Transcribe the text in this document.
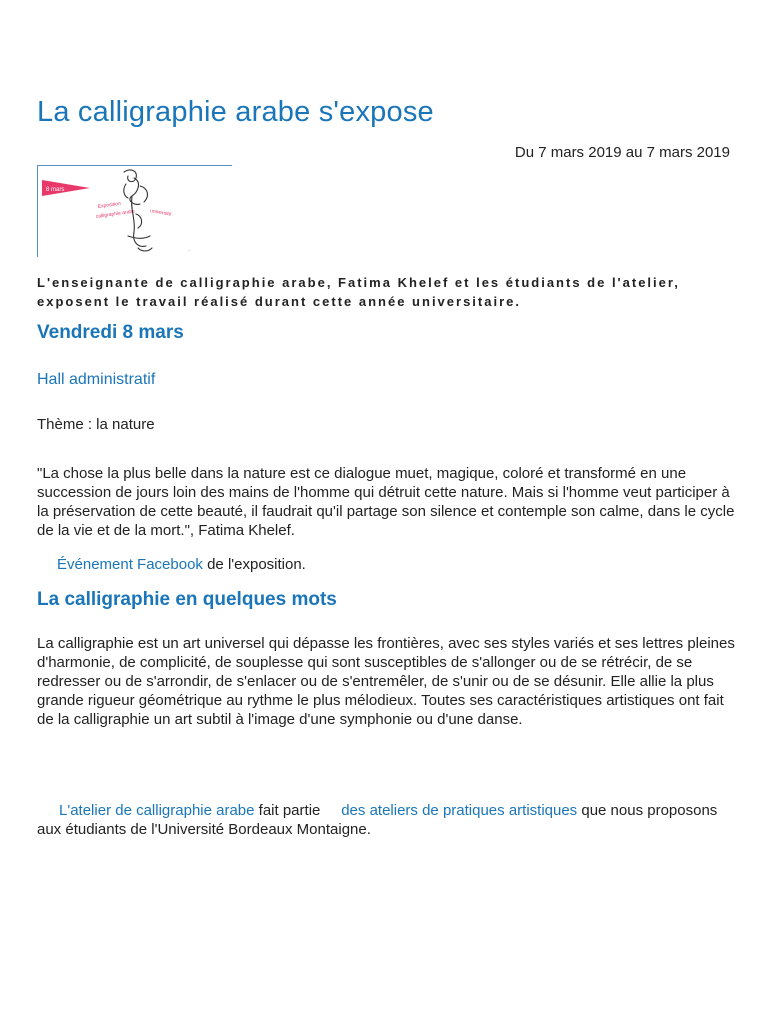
La calligraphie arabe s'expose

Du 7 mars 2019 au 7 mars 2019

8 mars
Exposition
calligraphie arabe	université
~

L'enseignante de calligraphie arabe, Fatima Khelef et les étudiants de l'atelier, exposent le travail réalisé durant cette année universitaire.

Vendredi 8 mars
Hall administratif

Thème : la nature

"La chose la plus belle dans la nature est ce dialogue muet, magique, coloré et transformé en une succession de jours loin des mains de l'homme qui détruit cette nature. Mais si l'homme veut participer à la préservation de cette beauté, il faudrait qu'il partage son silence et contemple son calme, dans le cycle de la vie et de la mort.", Fatima Khelef.

Événement Facebook de l'exposition.

La calligraphie en quelques mots

La calligraphie est un art universel qui dépasse les frontières, avec ses styles variés et ses lettres pleines d'harmonie, de complicité, de souplesse qui sont susceptibles de s'allonger ou de se rétrécir, de se redresser ou de s'arrondir, de s'enlacer ou de s'entremêler, de s'unir ou de se désunir. Elle allie la plus grande rigueur géométrique au rythme le plus mélodieux. Toutes ses caractéristiques artistiques ont fait de la calligraphie un art subtil à l'image d'une symphonie ou d'une danse.

L'atelier de calligraphie arabe fait partie     des ateliers de pratiques artistiques que nous proposons aux étudiants de l'Université Bordeaux Montaigne.
